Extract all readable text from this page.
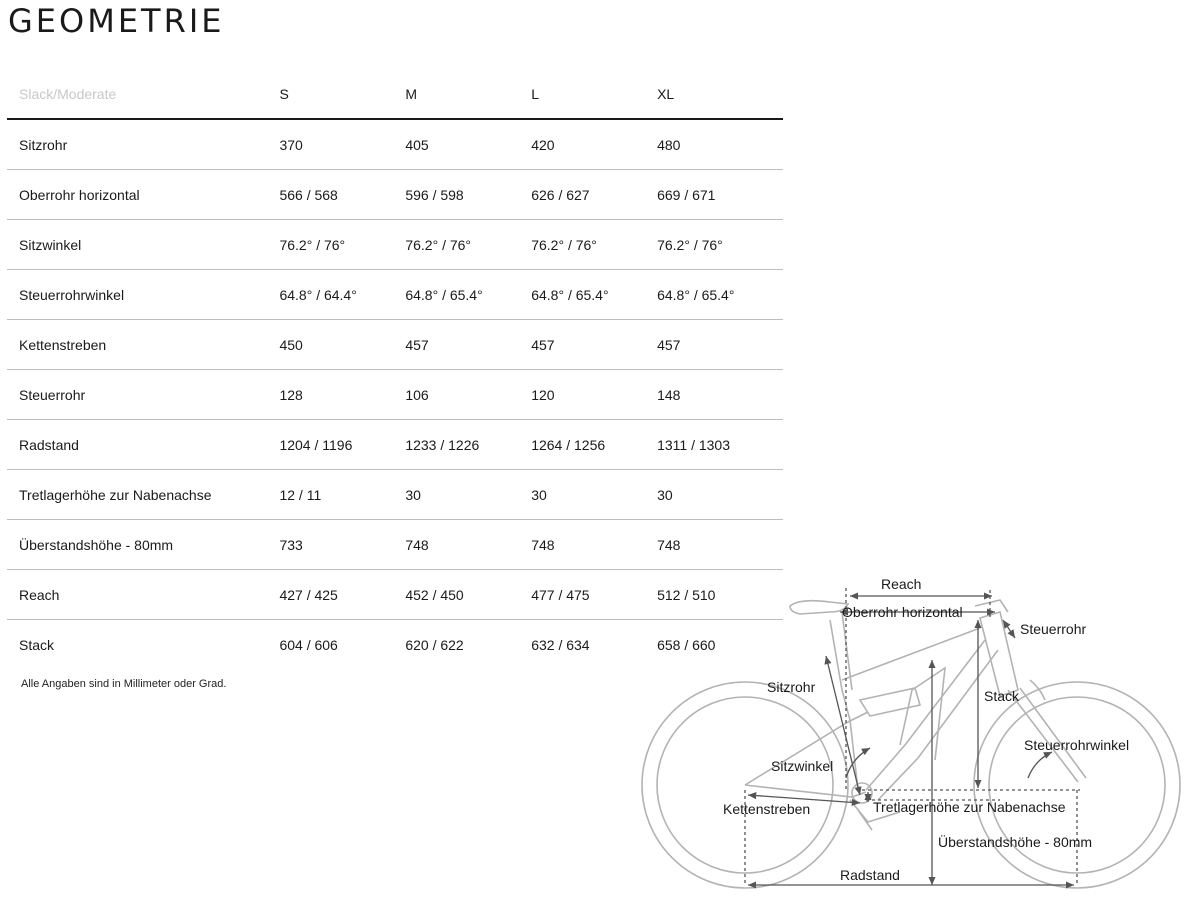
GEOMETRIE
Slack/Moderate	S	M	L	XL
Sitzrohr	370	405	420	480
Oberrohr horizontal	566 / 568	596 / 598	626 / 627	669 / 671
Sitzwinkel	76.2° / 76°	76.2° / 76°	76.2° / 76°	76.2° / 76°
Steuerrohrwinkel	64.8° / 64.4°	64.8° / 65.4°	64.8° / 65.4°	64.8° / 65.4°
Kettenstreben	450	457	457	457
Steuerrohr	128	106	120	148
Radstand	1204 / 1196	1233 / 1226	1264 / 1256	1311 / 1303
Tretlagerhöhe zur Nabenachse	12 / 11	30	30	30
Überstandshöhe - 80mm	733	748	748	748
Reach	427 / 425	452 / 450	477 / 475	512 / 510
Stack	604 / 606	620 / 622	632 / 634	658 / 660
Alle Angaben sind in Millimeter oder Grad.
Reach
Oberrohr horizontal
Steuerrohr
Sitzrohr
Stack
Steuerrohrwinkel
Sitzwinkel
Kettenstreben	Tretlagerhöhe zur Nabenachse
Überstandshöhe - 80mm
Radstand
